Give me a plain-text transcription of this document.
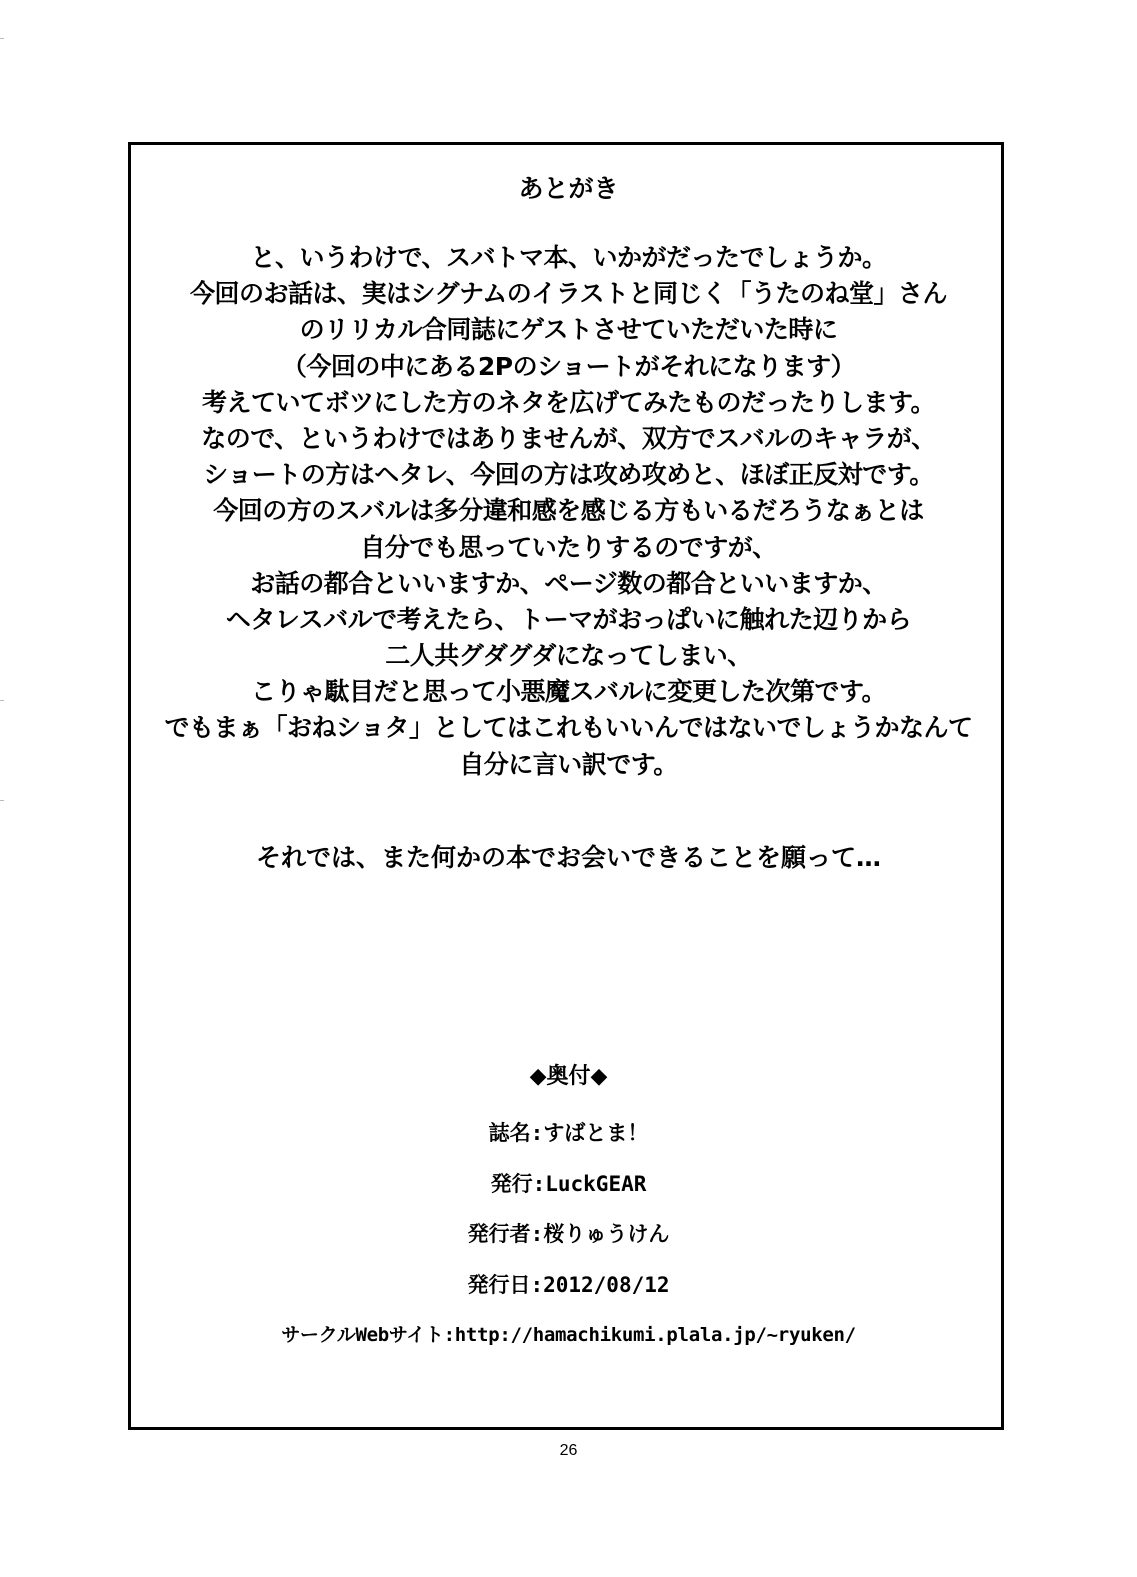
あとがき
と、いうわけで、スバトマ本、いかがだったでしょうか。
今回のお話は、実はシグナムのイラストと同じく「うたのね堂」さん
のリリカル合同誌にゲストさせていただいた時に
（今回の中にある2Pのショートがそれになります）
考えていてボツにした方のネタを広げてみたものだったりします。
なので、というわけではありませんが、双方でスバルのキャラが、
ショートの方はヘタレ、今回の方は攻め攻めと、ほぼ正反対です。
今回の方のスバルは多分違和感を感じる方もいるだろうなぁとは
自分でも思っていたりするのですが、
お話の都合といいますか、ページ数の都合といいますか、
ヘタレスバルで考えたら、トーマがおっぱいに触れた辺りから
二人共グダグダになってしまい、
こりゃ駄目だと思って小悪魔スバルに変更した次第です。
でもまぁ「おねショタ」としてはこれもいいんではないでしょうかなんて
自分に言い訳です。

それでは、また何かの本でお会いできることを願って…

◆奥付◆
誌名:すばとま！
発行:LuckGEAR
発行者:桜りゅうけん
発行日:2012/08/12
サークルWebサイト:http://hamachikumi.plala.jp/~ryuken/

26
